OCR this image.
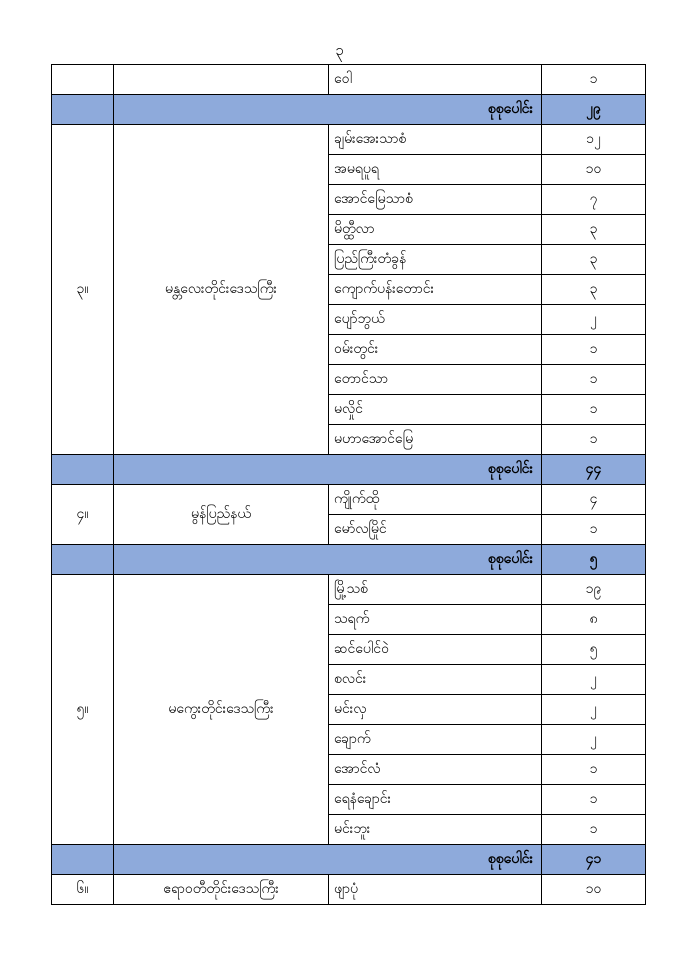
၃
		ဝေါ	၁
	စုစုပေါင်း		၂၉
၃။	မန္တလေးတိုင်းဒေသကြီး	ချမ်းအေးသာစံ	၁၂
		အမရပူရ	၁၀
		အောင်မြေသာစံ	၇
		မိတ္ထီလာ	၃
		ပြည်ကြီးတံခွန်	၃
		ကျောက်ပန်းတောင်း	၃
		ပျော်ဘွယ်	၂
		ဝမ်းတွင်း	၁
		တောင်သာ	၁
		မလှိုင်	၁
		မဟာအောင်မြေ	၁
	စုစုပေါင်း		၄၄
၄။	မွန်ပြည်နယ်	ကျိုက်ထို	၄
		မော်လမြိုင်	၁
	စုစုပေါင်း		၅
၅။	မကွေးတိုင်းဒေသကြီး	မြို့သစ်	၁၉
		သရက်	၈
		ဆင်ပေါင်ဝဲ	၅
		စလင်း	၂
		မင်းလှ	၂
		ချောက်	၂
		အောင်လံ	၁
		ရေနံချောင်း	၁
		မင်းဘူး	၁
	စုစုပေါင်း		၄၁
၆။	ဧရာဝတီတိုင်းဒေသကြီး	ဖျာပုံ	၁၀
